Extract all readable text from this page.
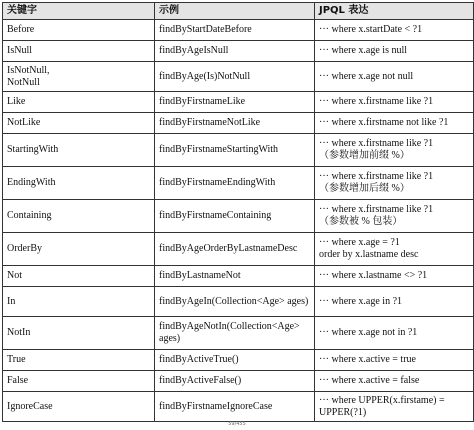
关键字	示例	JPQL 表达

Before	findByStartDateBefore	··· where x.startDate < ?1

IsNull	findByAgeIsNull	··· where x.age is null

IsNotNull,
NotNull	findByAge(Is)NotNull	··· where x.age not null

Like	findByFirstnameLike	··· where x.firstname like ?1

NotLike	findByFirstnameNotLike	··· where x.firstname not like ?1

StartingWith	findByFirstnameStartingWith	··· where x.firstname like ?1
（参数增加前缀 %）

EndingWith	findByFirstnameEndingWith	··· where x.firstname like ?1
（参数增加后缀 %）

Containing	findByFirstnameContaining	··· where x.firstname like ?1
（参数被 % 包装）

OrderBy	findByAgeOrderByLastnameDesc	··· where x.age = ?1
order by x.lastname desc

Not	findByLastnameNot	··· where x.lastname <> ?1

In	findByAgeIn(Collection<Age> ages)	··· where x.age in ?1

NotIn	findByAgeNotIn(Collection<Age>
ages)	··· where x.age not in ?1

True	findByActiveTrue()	··· where x.active = true

False	findByActiveFalse()	··· where x.active = false

IgnoreCase	findByFirstnameIgnoreCase	··· where UPPER(x.firstame) =
UPPER(?1)
59/455
